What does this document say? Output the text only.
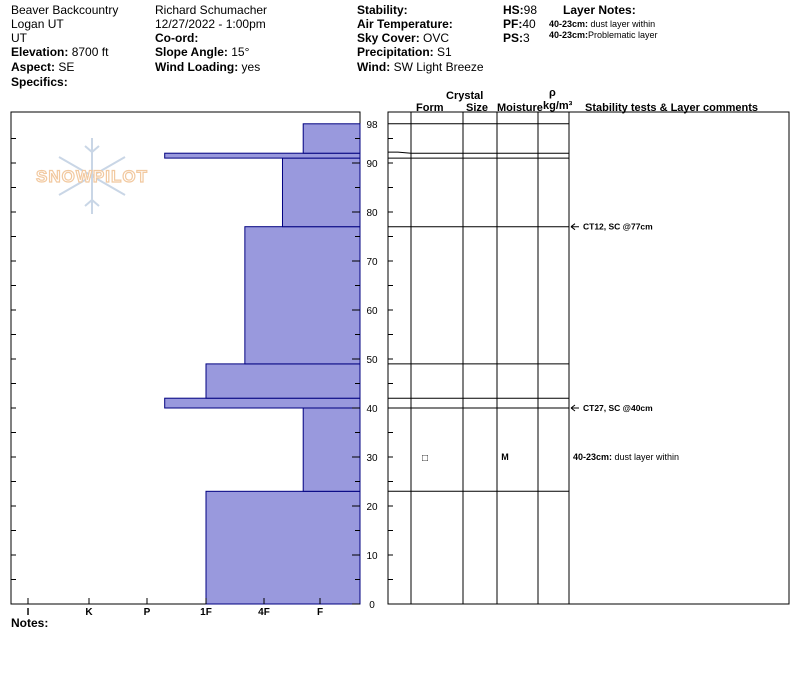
Beaver Backcountry
Logan UT
UT
Elevation: 8700 ft
Aspect: SE
Specifics:
Richard Schumacher
12/27/2022 - 1:00pm
Co-ord:
Slope Angle: 15°
Wind Loading: yes
Stability:
Air Temperature:
Sky Cover: OVC
Precipitation: S1
Wind: SW Light Breeze
HS:98
PF:40
PS:3
Layer Notes:
40-23cm: dust layer within
40-23cm:Problematic layer
Crystal
Form Size Moisture
ρ
kg/m³ Stability tests & Layer comments
Notes:
SNOWPILOT
0
10
20
30
40
50
60
70
80
90
98
I	K	P	1F	4F	F
□	M
CT12, SC @77cm
CT27, SC @40cm
40-23cm: dust layer within
